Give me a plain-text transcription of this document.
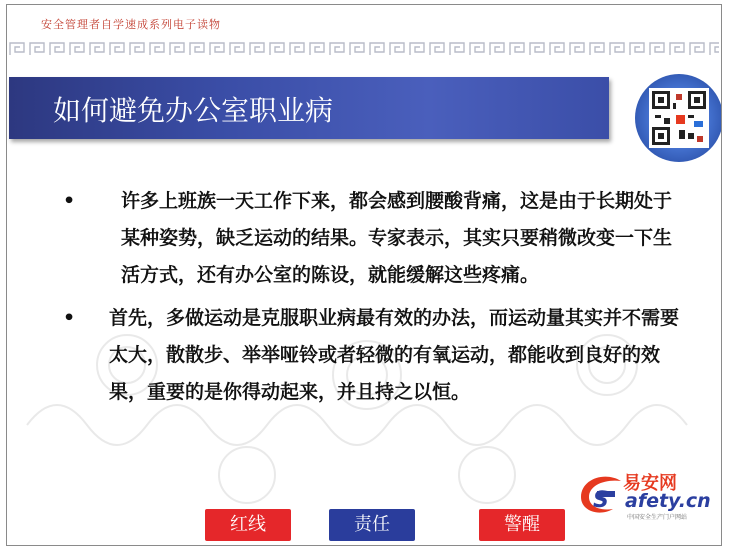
安全管理者自学速成系列电子读物
如何避免办公室职业病
• 许多上班族一天工作下来，都会感到腰酸背痛，这是由于长期处于某种姿势，缺乏运动的结果。专家表示，其实只要稍微改变一下生活方式，还有办公室的陈设，就能缓解这些疼痛。
• 首先，多做运动是克服职业病最有效的办法，而运动量其实并不需要太大，散散步、举举哑铃或者轻微的有氧运动，都能收到良好的效果，重要的是你得动起来，并且持之以恒。
S
易安网
afety.cn
中国安全生产门户网站
红线	责任	警醒
